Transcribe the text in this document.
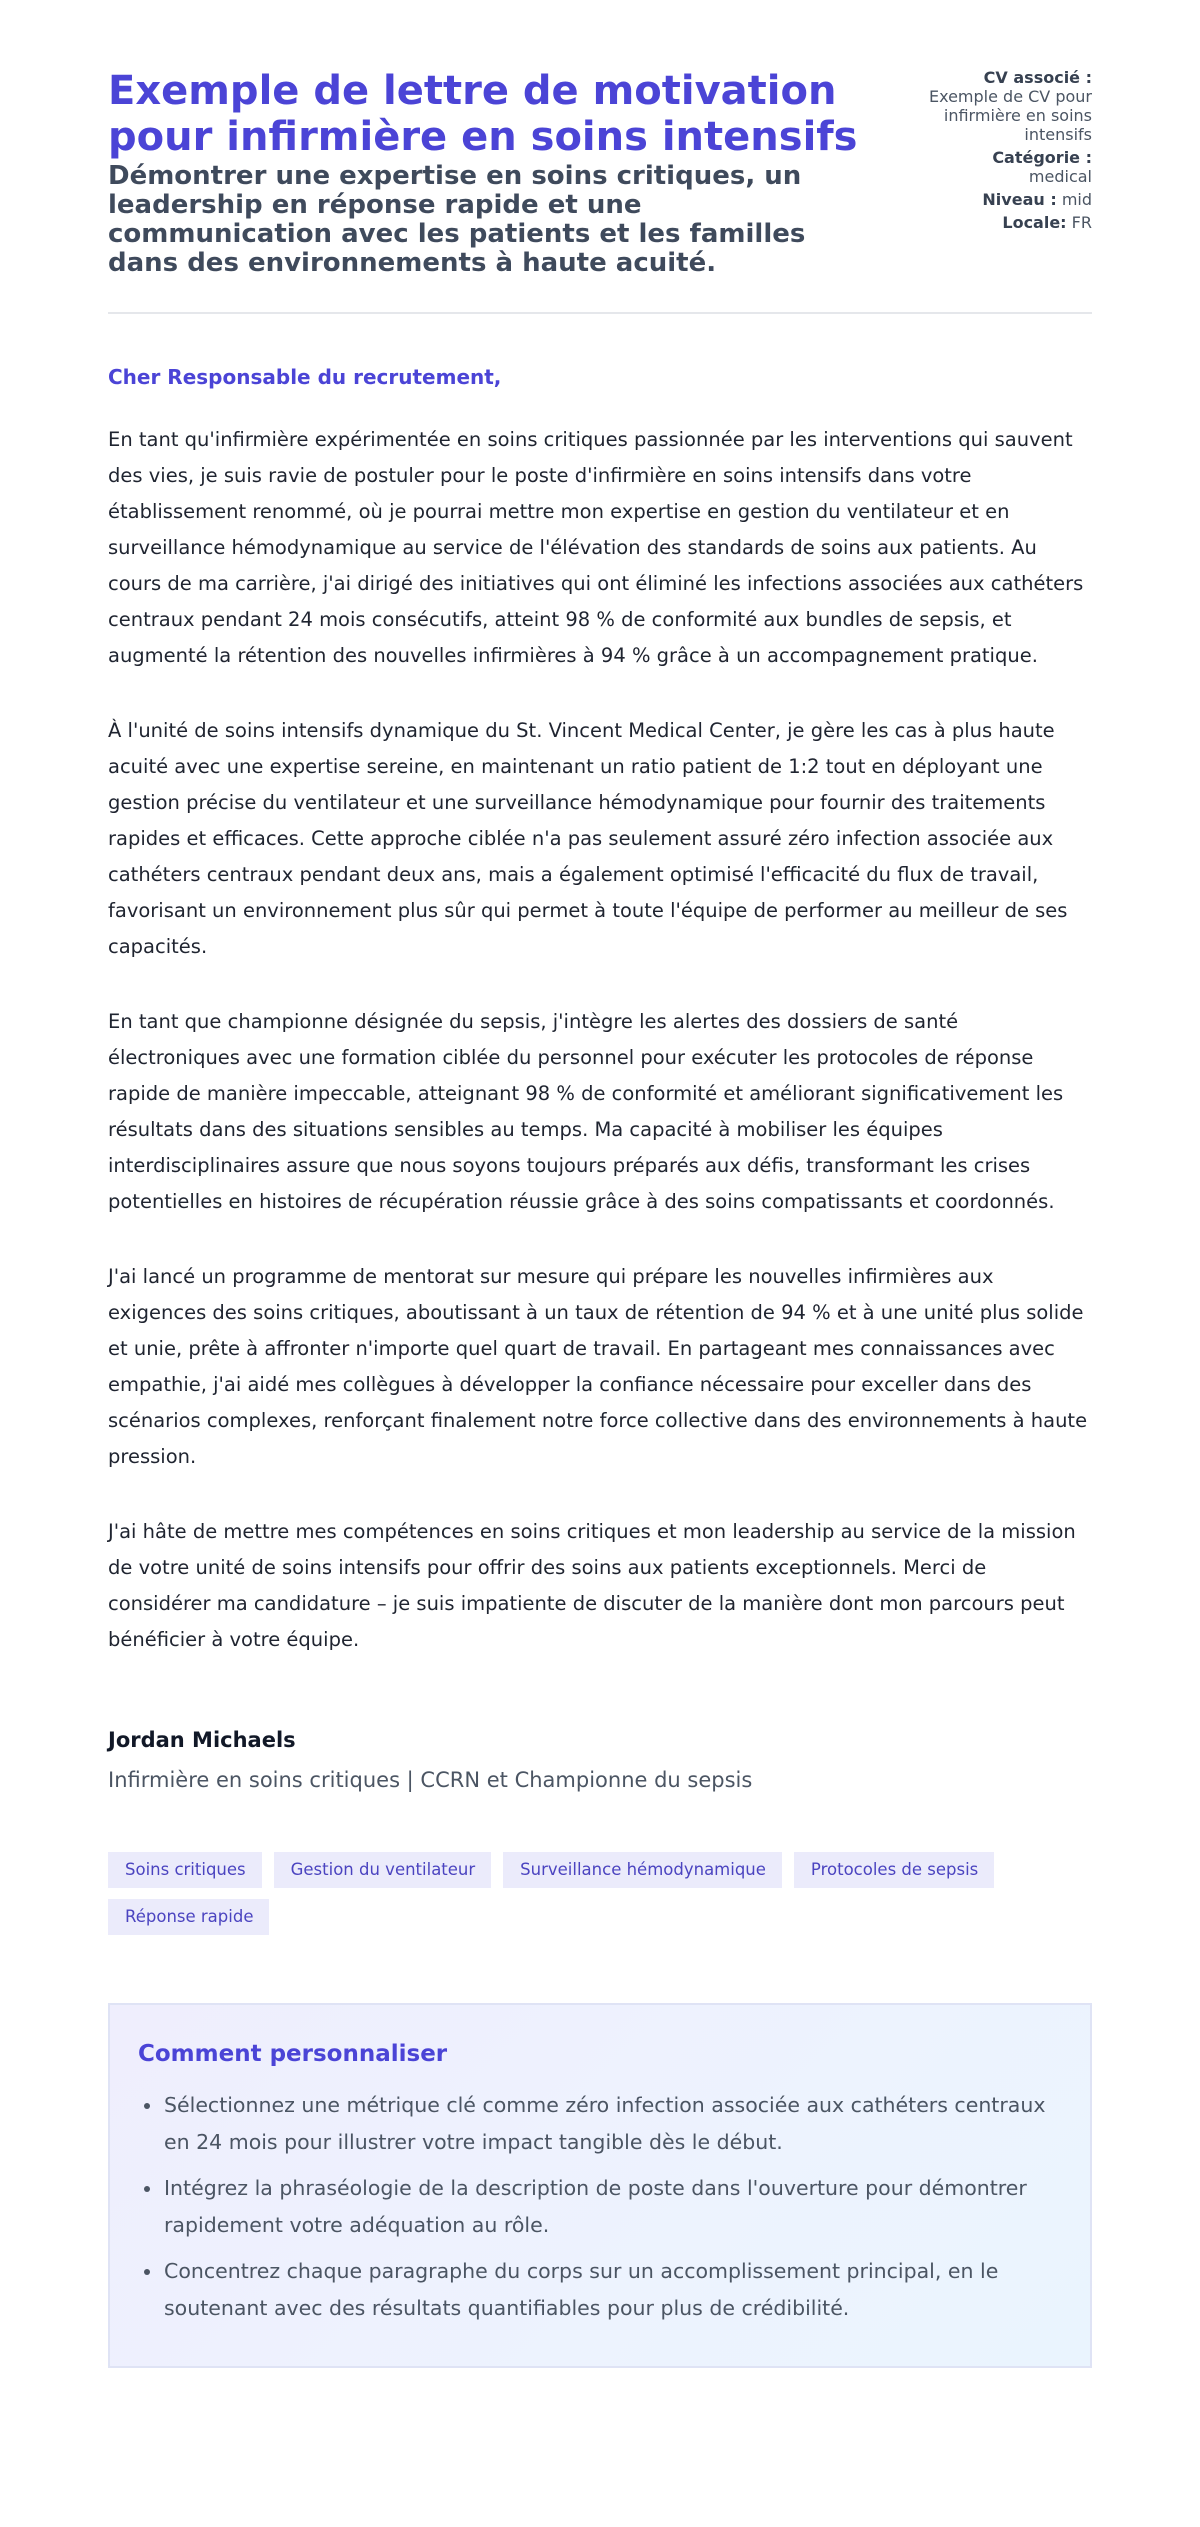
Exemple de lettre de motivation pour infirmière en soins intensifs
Démontrer une expertise en soins critiques, un leadership en réponse rapide et une communication avec les patients et les familles dans des environnements à haute acuité.
CV associé :
Exemple de CV pour infirmière en soins intensifs
Catégorie :
medical
Niveau : mid
Locale: FR

Cher Responsable du recrutement,

En tant qu'infirmière expérimentée en soins critiques passionnée par les interventions qui sauvent des vies, je suis ravie de postuler pour le poste d'infirmière en soins intensifs dans votre établissement renommé, où je pourrai mettre mon expertise en gestion du ventilateur et en surveillance hémodynamique au service de l'élévation des standards de soins aux patients. Au cours de ma carrière, j'ai dirigé des initiatives qui ont éliminé les infections associées aux cathéters centraux pendant 24 mois consécutifs, atteint 98 % de conformité aux bundles de sepsis, et augmenté la rétention des nouvelles infirmières à 94 % grâce à un accompagnement pratique.

À l'unité de soins intensifs dynamique du St. Vincent Medical Center, je gère les cas à plus haute acuité avec une expertise sereine, en maintenant un ratio patient de 1:2 tout en déployant une gestion précise du ventilateur et une surveillance hémodynamique pour fournir des traitements rapides et efficaces. Cette approche ciblée n'a pas seulement assuré zéro infection associée aux cathéters centraux pendant deux ans, mais a également optimisé l'efficacité du flux de travail, favorisant un environnement plus sûr qui permet à toute l'équipe de performer au meilleur de ses capacités.

En tant que championne désignée du sepsis, j'intègre les alertes des dossiers de santé électroniques avec une formation ciblée du personnel pour exécuter les protocoles de réponse rapide de manière impeccable, atteignant 98 % de conformité et améliorant significativement les résultats dans des situations sensibles au temps. Ma capacité à mobiliser les équipes interdisciplinaires assure que nous soyons toujours préparés aux défis, transformant les crises potentielles en histoires de récupération réussie grâce à des soins compatissants et coordonnés.

J'ai lancé un programme de mentorat sur mesure qui prépare les nouvelles infirmières aux exigences des soins critiques, aboutissant à un taux de rétention de 94 % et à une unité plus solide et unie, prête à affronter n'importe quel quart de travail. En partageant mes connaissances avec empathie, j'ai aidé mes collègues à développer la confiance nécessaire pour exceller dans des scénarios complexes, renforçant finalement notre force collective dans des environnements à haute pression.

J'ai hâte de mettre mes compétences en soins critiques et mon leadership au service de la mission de votre unité de soins intensifs pour offrir des soins aux patients exceptionnels. Merci de considérer ma candidature – je suis impatiente de discuter de la manière dont mon parcours peut bénéficier à votre équipe.

Jordan Michaels
Infirmière en soins critiques | CCRN et Championne du sepsis
Soins critiques	Gestion du ventilateur	Surveillance hémodynamique	Protocoles de sepsis
Réponse rapide
Comment personnaliser
Sélectionnez une métrique clé comme zéro infection associée aux cathéters centraux en 24 mois pour illustrer votre impact tangible dès le début.
Intégrez la phraséologie de la description de poste dans l'ouverture pour démontrer rapidement votre adéquation au rôle.
Concentrez chaque paragraphe du corps sur un accomplissement principal, en le soutenant avec des résultats quantifiables pour plus de crédibilité.
